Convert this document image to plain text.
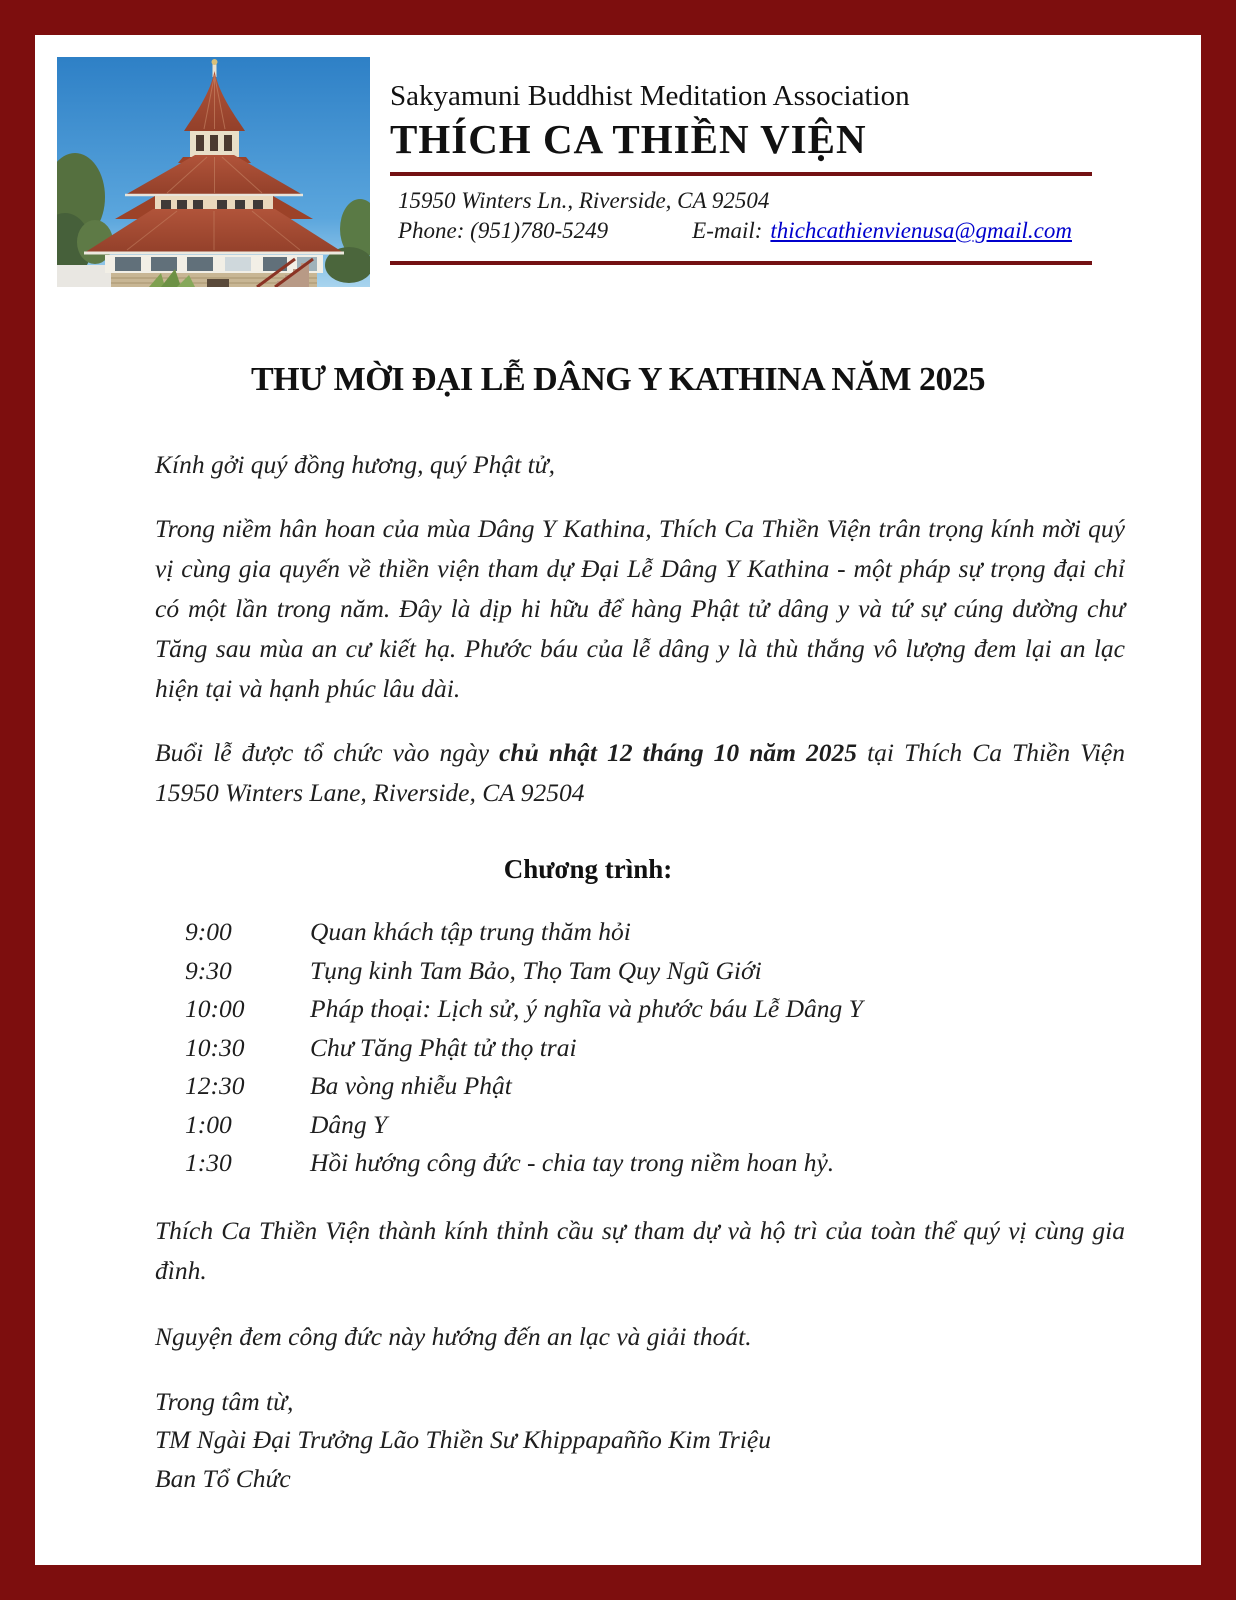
Sakyamuni Buddhist Meditation Association
THÍCH CA THIỀN VIỆN
15950 Winters Ln., Riverside, CA 92504
Phone: (951)780-5249	E-mail: thichcathienvienusa@gmail.com
THƯ MỜI ĐẠI LỄ DÂNG Y KATHINA NĂM 2025
Kính gởi quý đồng hương, quý Phật tử,
Trong niềm hân hoan của mùa Dâng Y Kathina, Thích Ca Thiền Viện trân trọng kính mời quý vị cùng gia quyến về thiền viện tham dự Đại Lễ Dâng Y Kathina - một pháp sự trọng đại chỉ có một lần trong năm. Đây là dịp hi hữu để hàng Phật tử dâng y và tứ sự cúng dường chư Tăng sau mùa an cư kiết hạ. Phước báu của lễ dâng y là thù thắng vô lượng đem lại an lạc hiện tại và hạnh phúc lâu dài.
Buổi lễ được tổ chức vào ngày chủ nhật 12 tháng 10 năm 2025 tại Thích Ca Thiền Viện 15950 Winters Lane, Riverside, CA 92504
Chương trình:
9:00	Quan khách tập trung thăm hỏi
9:30	Tụng kinh Tam Bảo, Thọ Tam Quy Ngũ Giới
10:00	Pháp thoại: Lịch sử, ý nghĩa và phước báu Lễ Dâng Y
10:30	Chư Tăng Phật tử thọ trai
12:30	Ba vòng nhiễu Phật
1:00	Dâng Y
1:30	Hồi hướng công đức - chia tay trong niềm hoan hỷ.
Thích Ca Thiền Viện thành kính thỉnh cầu sự tham dự và hộ trì của toàn thể quý vị cùng gia đình.
Nguyện đem công đức này hướng đến an lạc và giải thoát.
Trong tâm từ,
TM Ngài Đại Trưởng Lão Thiền Sư Khippapañño Kim Triệu
Ban Tổ Chức
